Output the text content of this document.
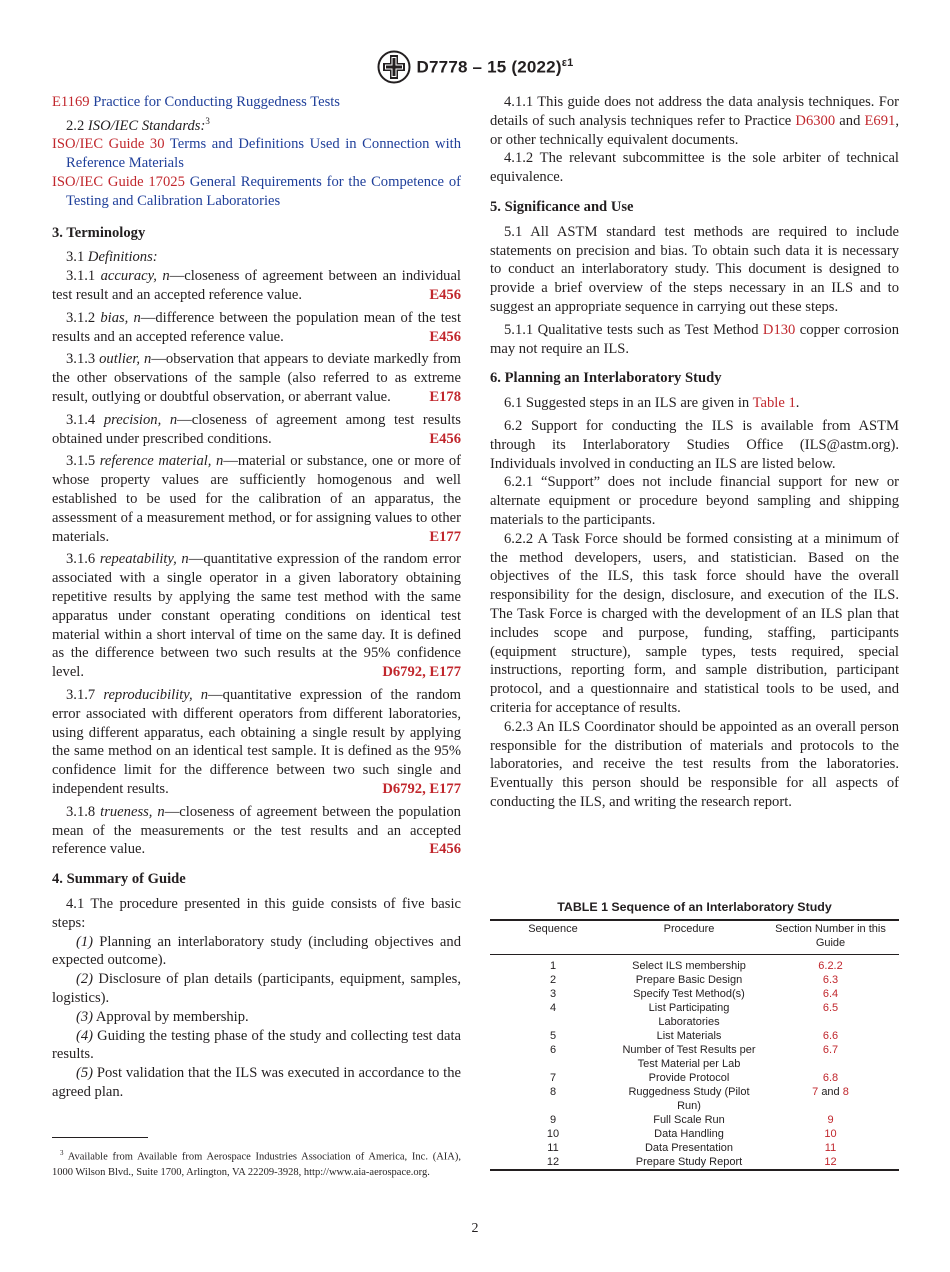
D7778 – 15 $(2022)^{\varepsilon 1}$

E1169 Practice for Conducting Ruggedness Tests

2.2 ISO/IEC Standards:$^3$

ISO/IEC Guide 30 Terms and Definitions Used in Connection with Reference Materials

ISO/IEC Guide 17025 General Requirements for the Competence of Testing and Calibration Laboratories

3. Terminology

3.1 Definitions:

3.1.1 accuracy, n—closeness of agreement between an individual test result and an accepted reference value.	E456

3.1.2 bias, n—difference between the population mean of the test results and an accepted reference value.	E456

3.1.3 outlier, n—observation that appears to deviate markedly from the other observations of the sample (also referred to as extreme result, outlying or doubtful observation, or aberrant value.	E178

3.1.4 precision, n—closeness of agreement among test results obtained under prescribed conditions.	E456

3.1.5 reference material, n—material or substance, one or more of whose property values are sufficiently homogenous and well established to be used for the calibration of an apparatus, the assessment of a measurement method, or for assigning values to other materials.	E177

3.1.6 repeatability, n—quantitative expression of the random error associated with a single operator in a given laboratory obtaining repetitive results by applying the same test method with the same apparatus under constant operating conditions on identical test material within a short interval of time on the same day. It is defined as the difference between two such results at the 95% confidence level.	D6792, E177

3.1.7 reproducibility, n—quantitative expression of the random error associated with different operators from different laboratories, using different apparatus, each obtaining a single result by applying the same method on an identical test sample. It is defined as the 95% confidence limit for the difference between two such single and independent results.	D6792, E177

3.1.8 trueness, n—closeness of agreement between the population mean of the measurements or the test results and an accepted reference value.	E456

4. Summary of Guide

4.1 The procedure presented in this guide consists of five basic steps:

(1) Planning an interlaboratory study (including objectives and expected outcome).

(2) Disclosure of plan details (participants, equipment, samples, logistics).

(3) Approval by membership.

(4) Guiding the testing phase of the study and collecting test data results.

(5) Post validation that the ILS was executed in accordance to the agreed plan.

$^3$ Available from Available from Aerospace Industries Association of America, Inc. (AIA), 1000 Wilson Blvd., Suite 1700, Arlington, VA 22209-3928, http://www.aia-aerospace.org.

4.1.1 This guide does not address the data analysis techniques. For details of such analysis techniques refer to Practice D6300 and E691, or other technically equivalent documents.

4.1.2 The relevant subcommittee is the sole arbiter of technical equivalence.

5. Significance and Use

5.1 All ASTM standard test methods are required to include statements on precision and bias. To obtain such data it is necessary to conduct an interlaboratory study. This document is designed to provide a brief overview of the steps necessary in an ILS and to suggest an appropriate sequence in carrying out these steps.

5.1.1 Qualitative tests such as Test Method D130 copper corrosion may not require an ILS.

6. Planning an Interlaboratory Study

6.1 Suggested steps in an ILS are given in Table 1.

6.2 Support for conducting the ILS is available from ASTM through its Interlaboratory Studies Office (ILS@astm.org). Individuals involved in conducting an ILS are listed below.

6.2.1 “Support” does not include financial support for new or alternate equipment or procedure beyond sampling and shipping materials to the participants.

6.2.2 A Task Force should be formed consisting at a minimum of the method developers, users, and statistician. Based on the objectives of the ILS, this task force should have the overall responsibility for the design, disclosure, and execution of the ILS. The Task Force is charged with the development of an ILS plan that includes scope and purpose, funding, staffing, participants (equipment structure), sample types, tests required, special instructions, reporting form, and sample distribution, participant protocol, and a questionnaire and statistical tools to be used, and criteria for acceptance of results.

6.2.3 An ILS Coordinator should be appointed as an overall person responsible for the distribution of materials and protocols to the laboratories, and receive the test results from the laboratories. Eventually this person should be responsible for all aspects of conducting the ILS, and writing the research report.

TABLE 1 Sequence of an Interlaboratory Study
Sequence	Procedure	Section Number in this Guide
1	Select ILS membership	6.2.2
2	Prepare Basic Design	6.3
3	Specify Test Method(s)	6.4
4	List Participating Laboratories	6.5
5	List Materials	6.6
6	Number of Test Results per Test Material per Lab	6.7
7	Provide Protocol	6.8
8	Ruggedness Study (Pilot Run)	7 and 8
9	Full Scale Run	9
10	Data Handling	10
11	Data Presentation	11
12	Prepare Study Report	12
2
